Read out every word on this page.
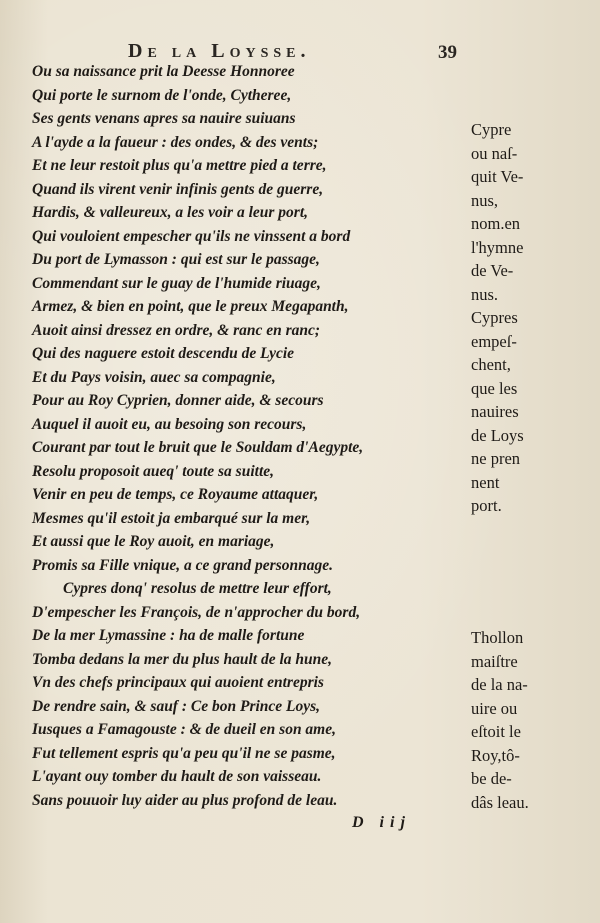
De la Loysse.	39
Ou sa naissance prit la Deesse Honnoree
Qui porte le surnom de l'onde, Cytheree,
Ses gents venans apres sa nauire suiuans
A l'ayde a la faueur : des ondes, & des vents;
Et ne leur restoit plus qu'a mettre pied a terre,
Quand ils virent venir infinis gents de guerre,
Hardis, & valleureux, a les voir a leur port,
Qui vouloient empescher qu'ils ne vinssent a bord
Du port de Lymasson : qui est sur le passage,
Commendant sur le guay de l'humide riuage,
Armez, & bien en point, que le preux Megapanth,
Auoit ainsi dressez en ordre, & ranc en ranc;
Qui des naguere estoit descendu de Lycie
Et du Pays voisin, auec sa compagnie,
Pour au Roy Cyprien, donner aide, & secours
Auquel il auoit eu, au besoing son recours,
Courant par tout le bruit que le Souldam d'Aegypte,
Resolu proposoit aueq' toute sa suitte,
Venir en peu de temps, ce Royaume attaquer,
Mesmes qu'il estoit ja embarqué sur la mer,
Et aussi que le Roy auoit, en mariage,
Promis sa Fille vnique, a ce grand personnage.
Cypres donq' resolus de mettre leur effort,
D'empescher les François, de n'approcher du bord,
De la mer Lymassine : ha de malle fortune
Tomba dedans la mer du plus hault de la hune,
Vn des chefs principaux qui auoient entrepris
De rendre sain, & sauf : Ce bon Prince Loys,
Iusques a Famagouste : & de dueil en son ame,
Fut tellement espris qu'a peu qu'il ne se pasme,
L'ayant ouy tomber du hault de son vaisseau.
Sans pouuoir luy aider au plus profond de leau.
D iij
Cypre
ou naſ-
quit Ve-
nus,
nom.en
l'hymne
de Ve-
nus.
Cypres
empeſ-
chent,
que les
nauires
de Loys
ne pren
nent
port.
Thollon
maiſtre
de la na-
uire ou
eſtoit le
Roy,tô-
be de-
dâs leau.
